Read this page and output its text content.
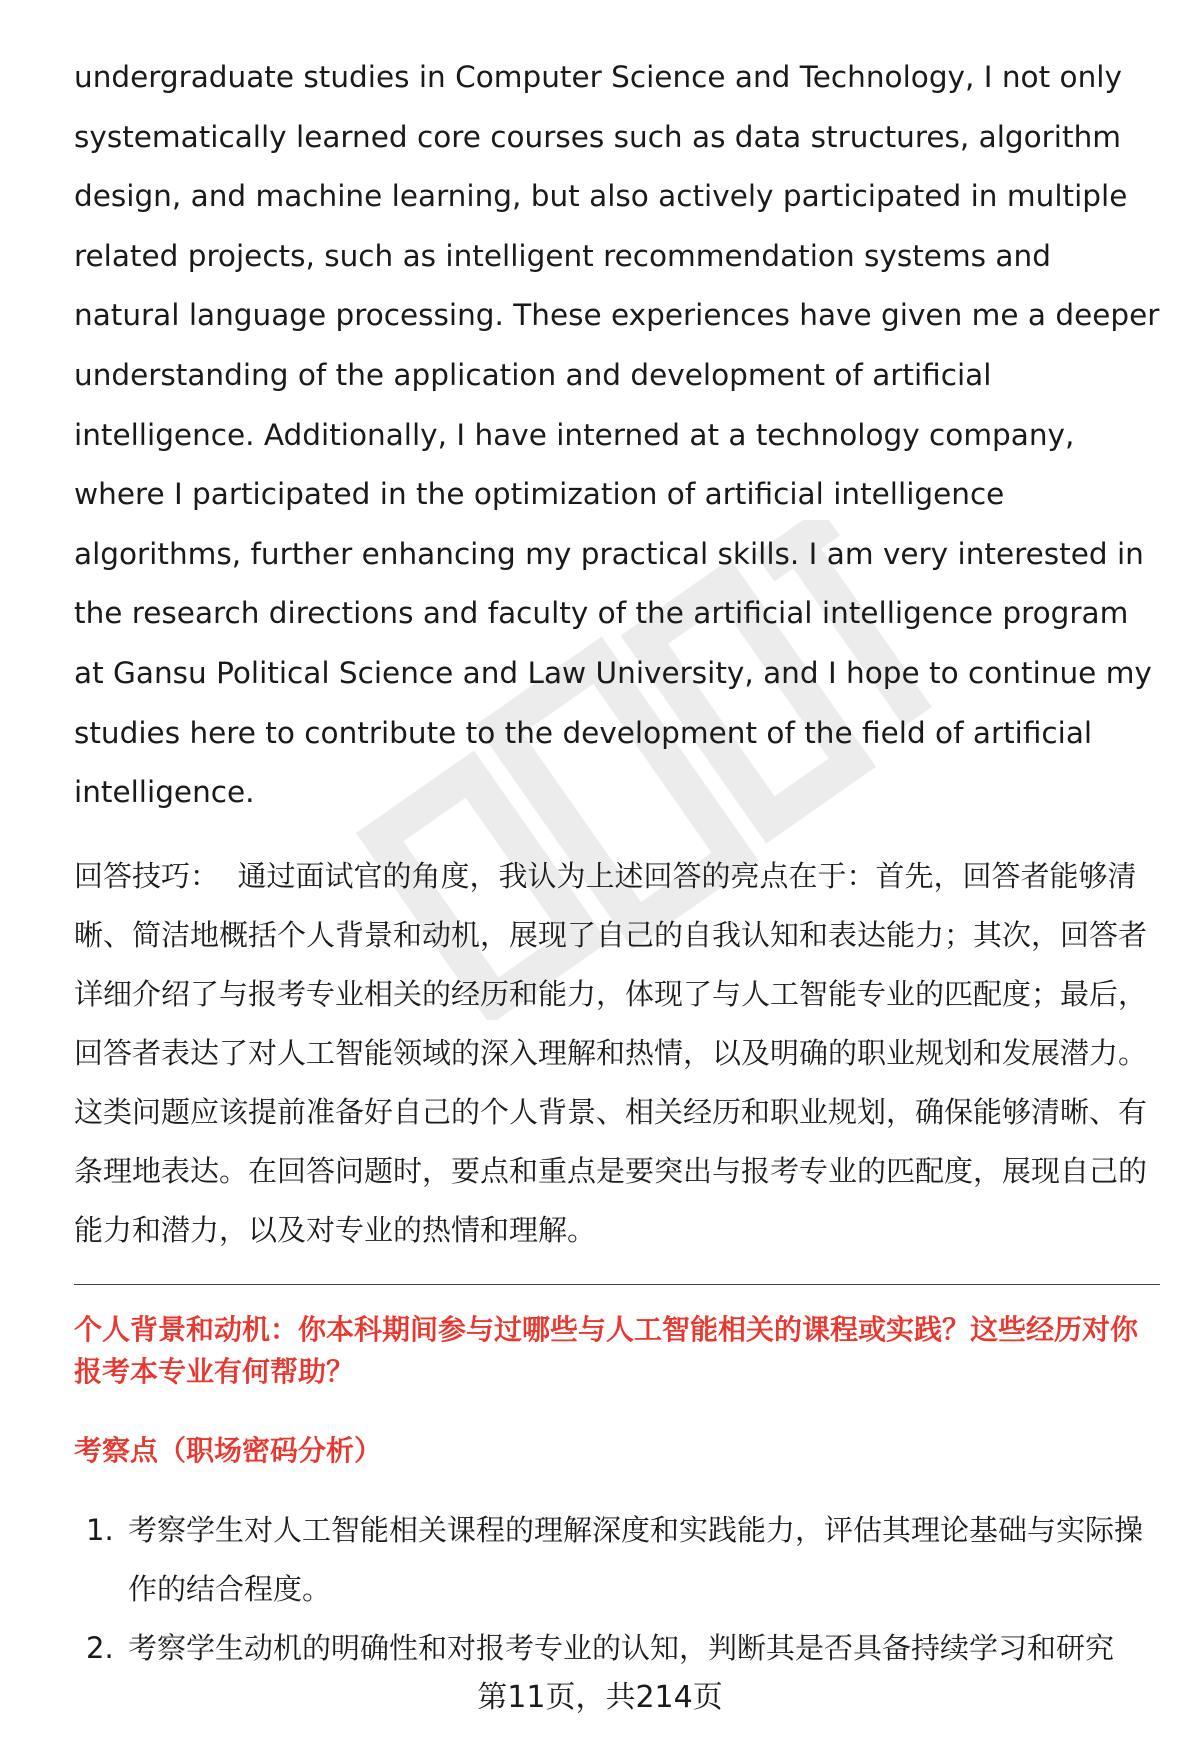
undergraduate studies in Computer Science and Technology, I not only systematically learned core courses such as data structures, algorithm design, and machine learning, but also actively participated in multiple related projects, such as intelligent recommendation systems and natural language processing. These experiences have given me a deeper understanding of the application and development of artificial intelligence. Additionally, I have interned at a technology company, where I participated in the optimization of artificial intelligence algorithms, further enhancing my practical skills. I am very interested in the research directions and faculty of the artificial intelligence program at Gansu Political Science and Law University, and I hope to continue my studies here to contribute to the development of the field of artificial intelligence.

回答技巧： 通过面试官的角度，我认为上述回答的亮点在于：首先，回答者能够清晰、简洁地概括个人背景和动机，展现了自己的自我认知和表达能力；其次，回答者详细介绍了与报考专业相关的经历和能力，体现了与人工智能专业的匹配度；最后，回答者表达了对人工智能领域的深入理解和热情，以及明确的职业规划和发展潜力。这类问题应该提前准备好自己的个人背景、相关经历和职业规划，确保能够清晰、有条理地表达。在回答问题时，要点和重点是要突出与报考专业的匹配度，展现自己的能力和潜力，以及对专业的热情和理解。

个人背景和动机：你本科期间参与过哪些与人工智能相关的课程或实践？这些经历对你报考本专业有何帮助？

考察点（职场密码分析）

1. 考察学生对人工智能相关课程的理解深度和实践能力，评估其理论基础与实际操作的结合程度。
2. 考察学生动机的明确性和对报考专业的认知，判断其是否具备持续学习和研究
第11页，共214页
